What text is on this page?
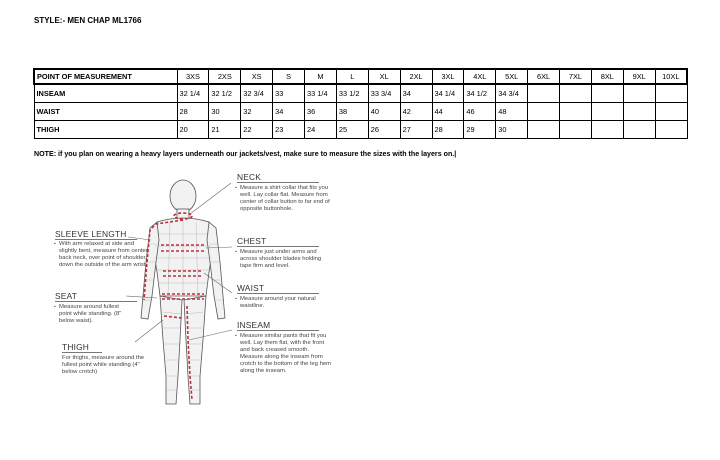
STYLE:- MEN CHAP ML1766
POINT OF MEASUREMENT	3XS	2XS	XS	S	M	L	XL	2XL	3XL	4XL	5XL	6XL	7XL	8XL	9XL	10XL
INSEAM	32 1/4	32 1/2	32 3/4	33	33 1/4	33 1/2	33 3/4	34	34 1/4	34 1/2	34 3/4					
WAIST	28	30	32	34	36	38	40	42	44	46	48					
THIGH	20	21	22	23	24	25	26	27	28	29	30					
NOTE: if you plan on wearing a heavy layers underneath our jackets/vest, make sure to measure the sizes with the layers on.|
NECK
▪ Measure a shirt collar that fits you well. Lay collar flat. Measure from center of collar button to far end of opposite buttonhole.
CHEST
▪ Measure just under arms and across shoulder blades holding tape firm and level.
WAIST
▪ Measure around your natural waistline.
INSEAM
▪ Measure similar pants that fit you well. Lay them flat, with the front and back creased smooth. Measure along the inseam from crotch to the bottom of the leg hem along the inseam.
SLEEVE LENGTH
▪ With arm relaxed at side and slightly bent, measure from center back neck, over point of shoulder, down the outside of the arm wrist.
SEAT
▪ Measure around fullest point while standing. (8" below waist).
THIGH
For thighs, measure around the fullest point while standing (4" below crotch)
